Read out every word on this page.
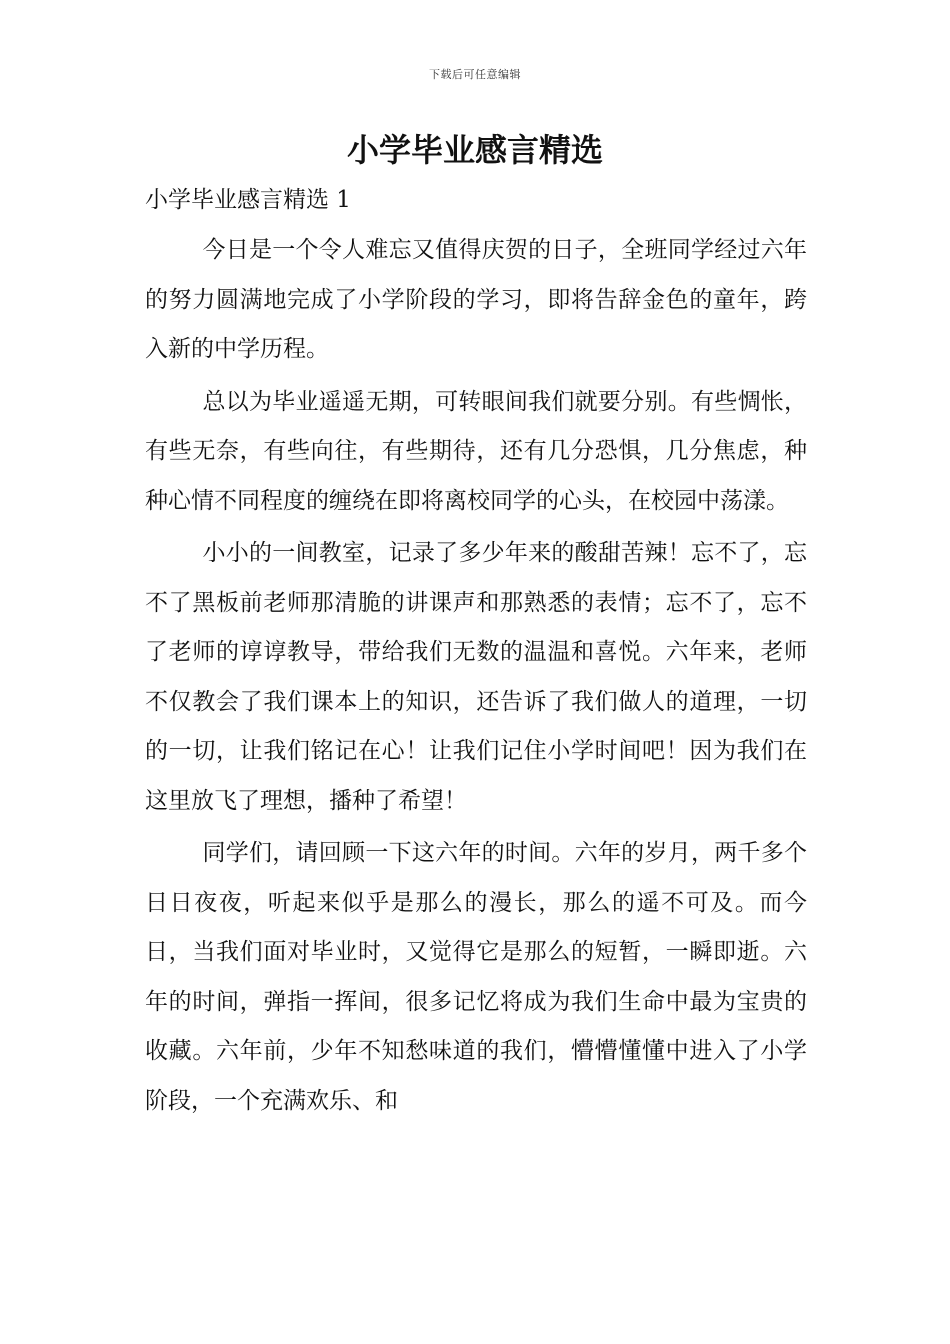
下载后可任意编辑
小学毕业感言精选
小学毕业感言精选 1

今日是一个令人难忘又值得庆贺的日子，全班同学经过六年的努力圆满地完成了小学阶段的学习，即将告辞金色的童年，跨入新的中学历程。

总以为毕业遥遥无期，可转眼间我们就要分别。有些惆怅，有些无奈，有些向往，有些期待，还有几分恐惧，几分焦虑，种种心情不同程度的缠绕在即将离校同学的心头，在校园中荡漾。

小小的一间教室，记录了多少年来的酸甜苦辣！忘不了，忘不了黑板前老师那清脆的讲课声和那熟悉的表情；忘不了，忘不了老师的谆谆教导，带给我们无数的温温和喜悦。六年来，老师不仅教会了我们课本上的知识，还告诉了我们做人的道理，一切的一切，让我们铭记在心！让我们记住小学时间吧！因为我们在这里放飞了理想，播种了希望！

同学们，请回顾一下这六年的时间。六年的岁月，两千多个日日夜夜，听起来似乎是那么的漫长，那么的遥不可及。而今日，当我们面对毕业时，又觉得它是那么的短暂，一瞬即逝。六年的时间，弹指一挥间，很多记忆将成为我们生命中最为宝贵的收藏。六年前，少年不知愁味道的我们，懵懵懂懂中进入了小学阶段，一个充满欢乐、和
